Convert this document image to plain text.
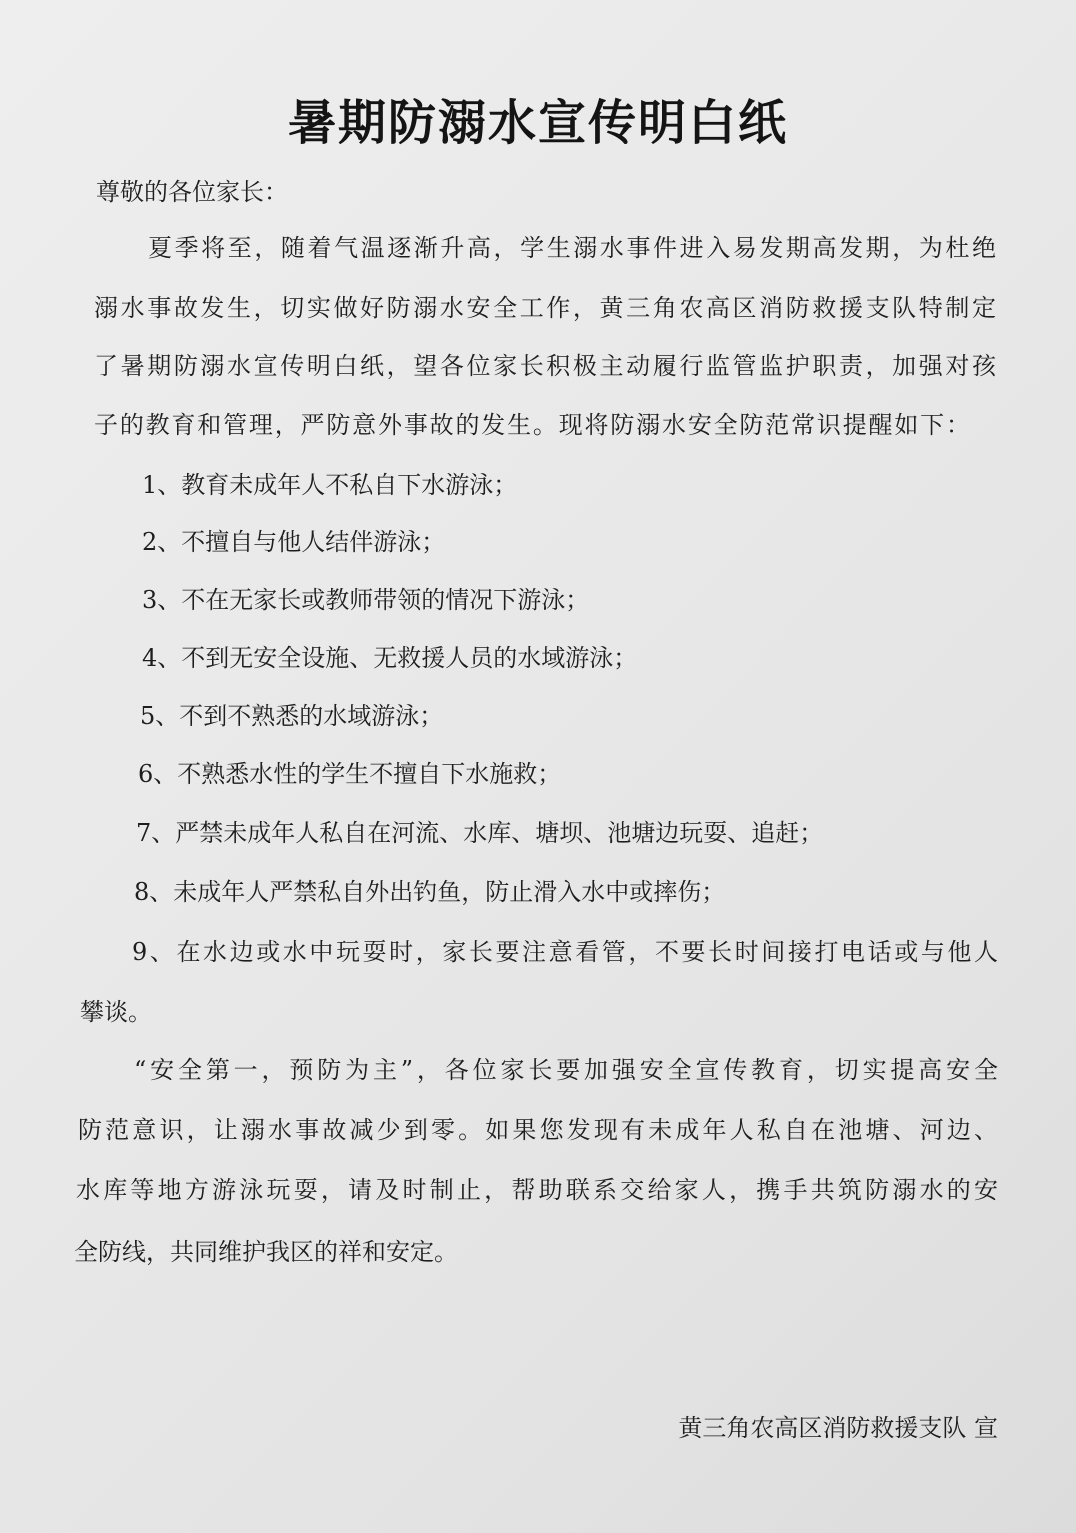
暑期防溺水宣传明白纸
尊敬的各位家长：
夏季将至，随着气温逐渐升高，学生溺水事件进入易发期高发期，为杜绝
溺水事故发生，切实做好防溺水安全工作，黄三角农高区消防救援支队特制定
了暑期防溺水宣传明白纸，望各位家长积极主动履行监管监护职责，加强对孩
子的教育和管理，严防意外事故的发生。现将防溺水安全防范常识提醒如下：
1、教育未成年人不私自下水游泳；
2、不擅自与他人结伴游泳；
3、不在无家长或教师带领的情况下游泳；
4、不到无安全设施、无救援人员的水域游泳；
5、不到不熟悉的水域游泳；
6、不熟悉水性的学生不擅自下水施救；
7、严禁未成年人私自在河流、水库、塘坝、池塘边玩耍、追赶；
8、未成年人严禁私自外出钓鱼，防止滑入水中或摔伤；
9、在水边或水中玩耍时，家长要注意看管，不要长时间接打电话或与他人
攀谈。
“安全第一，预防为主”，各位家长要加强安全宣传教育，切实提高安全
防范意识，让溺水事故减少到零。如果您发现有未成年人私自在池塘、河边、
水库等地方游泳玩耍，请及时制止，帮助联系交给家人，携手共筑防溺水的安
全防线，共同维护我区的祥和安定。
黄三角农高区消防救援支队 宣
